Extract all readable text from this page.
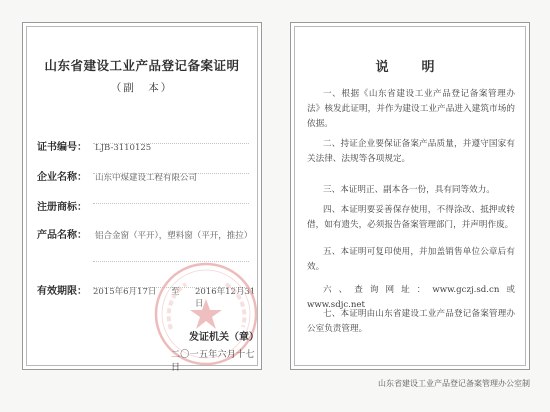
山东省建设工业产品登记备案证明
（副　本）
证书编号： LJB-3110125
企业名称： 山东中煤建设工程有限公司
注册商标：
产品名称： 铝合金窗（平开），塑料窗（平开，推拉）
有效期限： 2015年6月17日 至 2016年12月31日
发证机关（章）
二〇一五年六月十七日
说　明
一、根据《山东省建设工业产品登记备案管理办法》核发此证明，并作为建设工业产品进入建筑市场的依据。
二、持证企业要保证备案产品质量，并遵守国家有关法律、法规等各项规定。
三、本证明正、副本各一份，具有同等效力。
四、本证明要妥善保存使用，不得涂改、抵押或转借，如有遗失，必须报告备案管理部门，并声明作废。
五、本证明可复印使用，并加盖销售单位公章后有效。
六、查询网址：www.gczj.sd.cn或www.sdjc.net
七、本证明由山东省建设工业产品登记备案管理办公室负责管理。
山东省建设工业产品登记备案管理办公室制
